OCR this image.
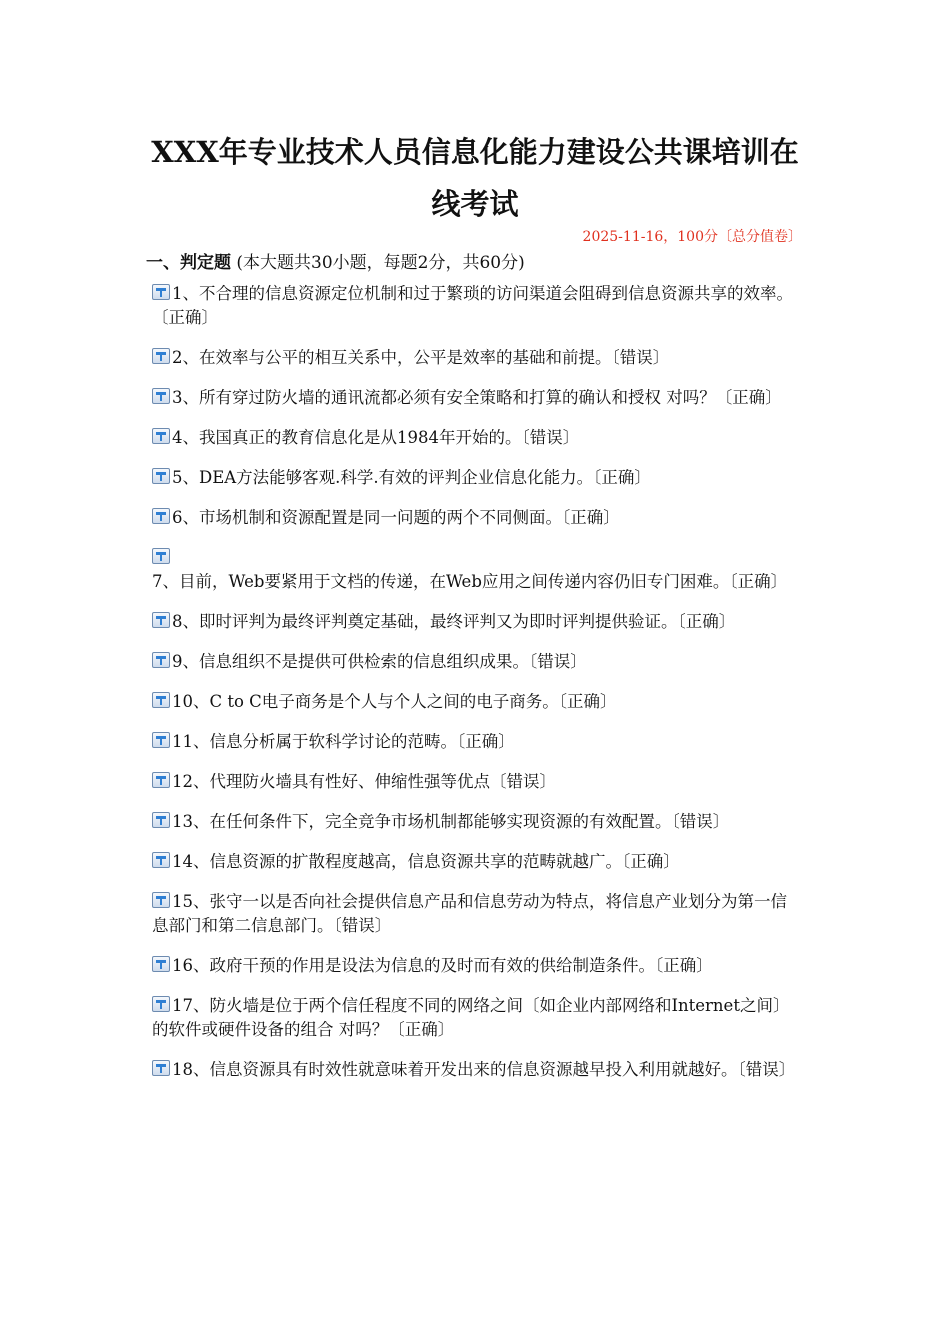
XXX年专业技术人员信息化能力建设公共课培训在线考试
2025-11-16，100分〔总分值卷〕
一、判定题 (本大题共30小题，每题2分，共60分)
1、不合理的信息资源定位机制和过于繁琐的访问渠道会阻碍到信息资源共享的效率。〔正确〕
2、在效率与公平的相互关系中，公平是效率的基础和前提。〔错误〕
3、所有穿过防火墙的通讯流都必须有安全策略和打算的确认和授权 对吗？〔正确〕
4、我国真正的教育信息化是从1984年开始的。〔错误〕
5、DEA方法能够客观.科学.有效的评判企业信息化能力。〔正确〕
6、市场机制和资源配置是同一问题的两个不同侧面。〔正确〕
7、目前，Web要紧用于文档的传递，在Web应用之间传递内容仍旧专门困难。〔正确〕
8、即时评判为最终评判奠定基础，最终评判又为即时评判提供验证。〔正确〕
9、信息组织不是提供可供检索的信息组织成果。〔错误〕
10、C to C电子商务是个人与个人之间的电子商务。〔正确〕
11、信息分析属于软科学讨论的范畴。〔正确〕
12、代理防火墙具有性好、伸缩性强等优点〔错误〕
13、在任何条件下，完全竞争市场机制都能够实现资源的有效配置。〔错误〕
14、信息资源的扩散程度越高，信息资源共享的范畴就越广。〔正确〕
15、张守一以是否向社会提供信息产品和信息劳动为特点，将信息产业划分为第一信息部门和第二信息部门。〔错误〕
16、政府干预的作用是设法为信息的及时而有效的供给制造条件。〔正确〕
17、防火墙是位于两个信任程度不同的网络之间〔如企业内部网络和Internet之间〕的软件或硬件设备的组合 对吗？〔正确〕
18、信息资源具有时效性就意味着开发出来的信息资源越早投入利用就越好。〔错误〕
